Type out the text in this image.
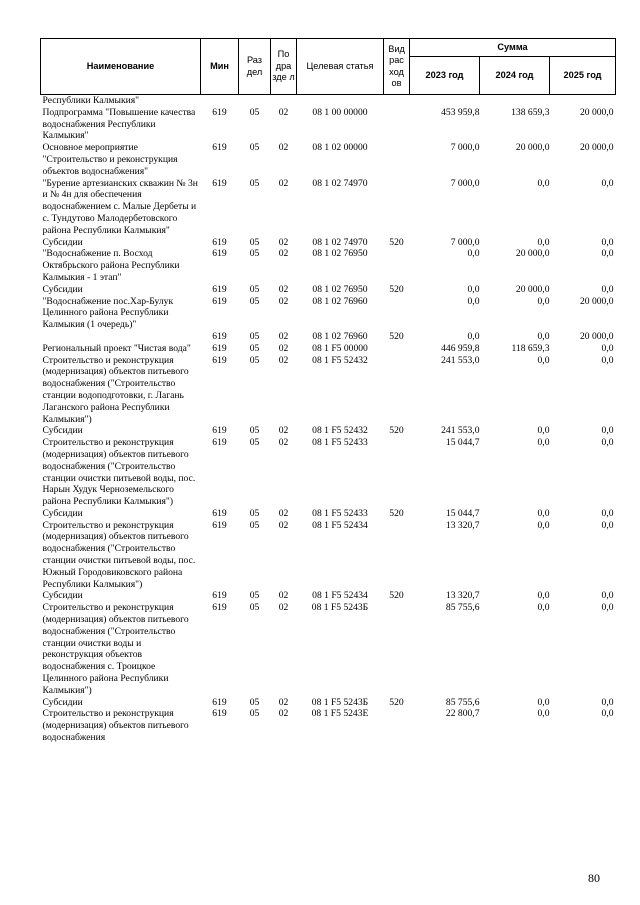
Наименование	Мин	Раз дел	По дра зде л	Целевая статья	Вид рас ход ов	Сумма		
						2023 год	2024 год	2025 год
Республики Калмыкия"								
Подпрограмма "Повышение качества водоснабжения Республики Калмыкия"	619	05	02	08 1 00 00000		453 959,8	138 659,3	20 000,0
Основное мероприятие "Строительство и реконструкция объектов водоснабжения"	619	05	02	08 1 02 00000		7 000,0	20 000,0	20 000,0
"Бурение артезианских скважин № 3н и № 4н для обеспечения водоснабжением с. Малые Дербеты и с. Тундутово Малодербетовского района Республики Калмыкия"	619	05	02	08 1 02 74970		7 000,0	0,0	0,0
Субсидии	619	05	02	08 1 02 74970	520	7 000,0	0,0	0,0
"Водоснабжение п. Восход Октябрьского района Республики Калмыкия - 1 этап"	619	05	02	08 1 02 76950		0,0	20 000,0	0,0
Субсидии	619	05	02	08 1 02 76950	520	0,0	20 000,0	0,0
"Водоснабжение пос.Хар-Булук Целинного района Республики Калмыкия (1 очередь)"	619	05	02	08 1 02 76960		0,0	0,0	20 000,0
	619	05	02	08 1 02 76960	520	0,0	0,0	20 000,0
Региональный проект "Чистая вода"	619	05	02	08 1 F5 00000		446 959,8	118 659,3	0,0
Строительство и реконструкция (модернизация) объектов питьевого водоснабжения ("Строительство станции водоподготовки, г. Лагань Лаганского района Республики Калмыкия")	619	05	02	08 1 F5 52432		241 553,0	0,0	0,0
Субсидии	619	05	02	08 1 F5 52432	520	241 553,0	0,0	0,0
Строительство и реконструкция (модернизация) объектов питьевого водоснабжения ("Строительство станции очистки питьевой воды, пос. Нарын Худук Черноземельского района Республики Калмыкия")	619	05	02	08 1 F5 52433		15 044,7	0,0	0,0
Субсидии	619	05	02	08 1 F5 52433	520	15 044,7	0,0	0,0
Строительство и реконструкция (модернизация) объектов питьевого водоснабжения ("Строительство станции очистки питьевой воды, пос. Южный Городовиковского района Республики Калмыкия")	619	05	02	08 1 F5 52434		13 320,7	0,0	0,0
Субсидии	619	05	02	08 1 F5 52434	520	13 320,7	0,0	0,0
Строительство и реконструкция (модернизация) объектов питьевого водоснабжения ("Строительство станции очистки воды и реконструкция объектов водоснабжения с. Троицкое Целинного района Республики Калмыкия")	619	05	02	08 1 F5 5243Б		85 755,6	0,0	0,0
Субсидии	619	05	02	08 1 F5 5243Б	520	85 755,6	0,0	0,0
Строительство и реконструкция (модернизация) объектов питьевого водоснабжения	619	05	02	08 1 F5 5243Е		22 800,7	0,0	0,0
80
